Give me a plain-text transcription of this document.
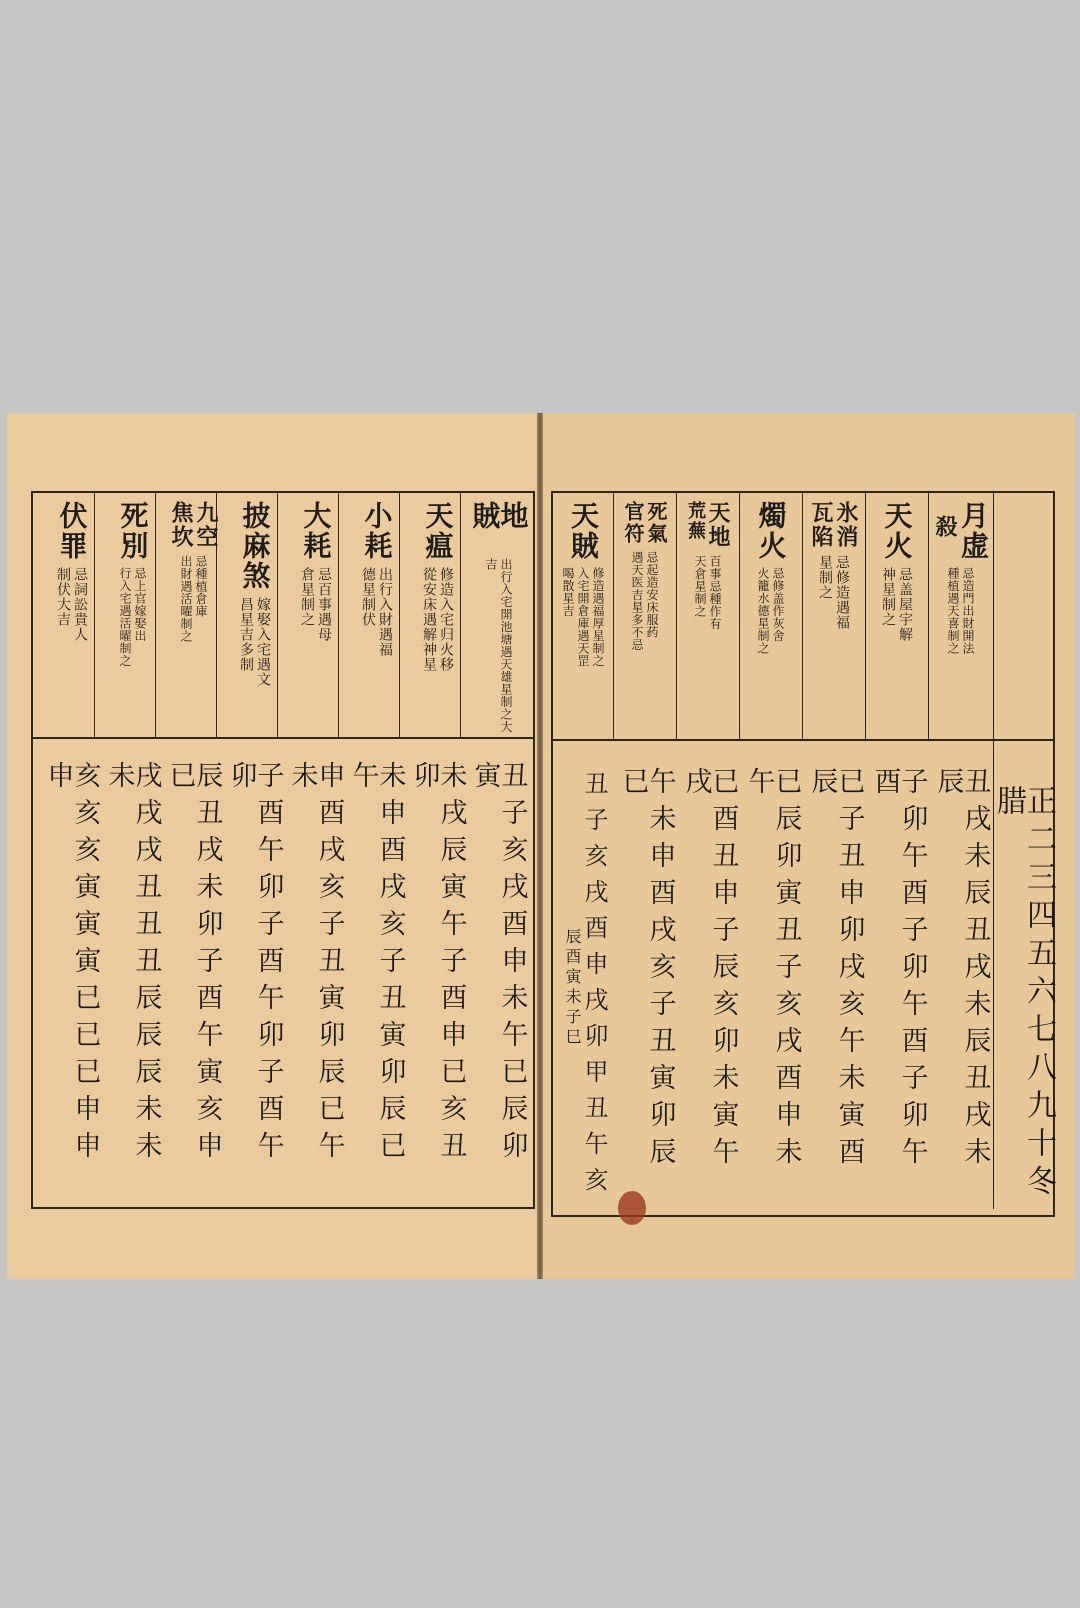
地賊
出行入宅開池塘遇天雄星制之大
吉
天瘟
修造入宅归火移
從安床遇解神星
小耗
出行入財遇福
德星制伏
大耗
忌百事遇母
倉星制之
披麻煞
嫁娶入宅遇文
昌星吉多制
九空
焦坎
忌種植倉庫
出財遇活曜制之
死別
忌上官嫁娶出
行入宅遇活曜制之
伏罪
忌詞訟貴人
制伏大吉
丑子亥戌酉申未午已辰卯寅
未戌辰寅午子酉申已亥丑卯
未申酉戌亥子丑寅卯辰已午
申酉戌亥子丑寅卯辰已午未
子酉午卯子酉午卯子酉午卯
辰丑戌未卯子酉午寅亥申已
戌戌戌丑丑丑辰辰辰未未未
亥亥亥寅寅寅已已已申申申
正二三四五六七八九十冬腊
月虚
殺
忌造門出財開法
種植遇天喜制之
天火
忌盖屋宇解
神星制之
氷消
瓦陷
忌修造遇福
星制之
燭火
忌修盖作灰舍
火籠水德星制之
天地
荒蕪
百事忌種作有
天倉星制之
死氣
官符
忌起造安床服药
遇天医吉星多不忌
天賊
修造遇福厚星制之
入宅開倉庫遇天罡
喝散星吉
丑戌未辰丑戌未辰丑戌未辰
子卯午酉子卯午酉子卯午酉
已子丑申卯戌亥午未寅酉辰
已辰卯寅丑子亥戌酉申未午
已酉丑申子辰亥卯未寅午戌
午未申酉戌亥子丑寅卯辰已
丑子亥戌酉申戌卯甲丑午亥
辰酉寅未子巳
